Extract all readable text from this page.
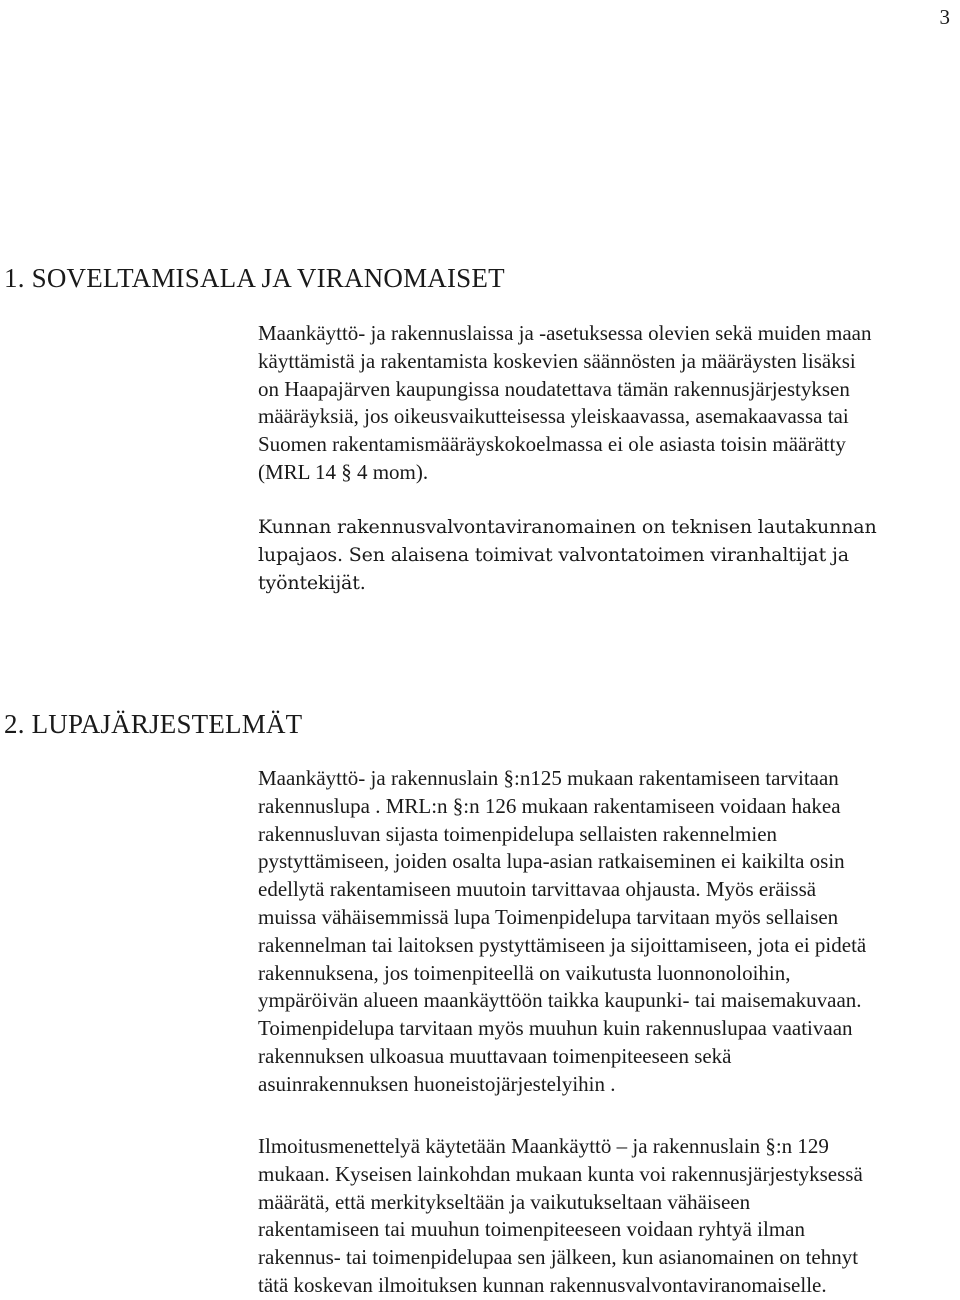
3
1. SOVELTAMISALA JA VIRANOMAISET

Maankäyttö- ja rakennuslaissa ja -asetuksessa olevien sekä muiden maan
käyttämistä ja rakentamista koskevien säännösten ja määräysten lisäksi
on Haapajärven kaupungissa noudatettava tämän rakennusjärjestyksen
määräyksiä, jos oikeusvaikutteisessa yleiskaavassa, asemakaavassa tai
Suomen rakentamismääräyskokoelmassa ei ole asiasta toisin määrätty
(MRL 14 § 4 mom).

Kunnan rakennusvalvontaviranomainen on teknisen lautakunnan
lupajaos. Sen alaisena toimivat valvontatoimen viranhaltijat ja
työntekijät.

2. LUPAJÄRJESTELMÄT

Maankäyttö- ja rakennuslain §:n125 mukaan rakentamiseen tarvitaan
rakennuslupa . MRL:n §:n 126 mukaan rakentamiseen voidaan hakea
rakennusluvan sijasta toimenpidelupa sellaisten rakennelmien
pystyttämiseen, joiden osalta lupa-asian ratkaiseminen ei kaikilta osin
edellytä rakentamiseen muutoin tarvittavaa ohjausta. Myös eräissä
muissa vähäisemmissä lupa Toimenpidelupa tarvitaan myös sellaisen
rakennelman tai laitoksen pystyttämiseen ja sijoittamiseen, jota ei pidetä
rakennuksena, jos toimenpiteellä on vaikutusta luonnonoloihin,
ympäröivän alueen maankäyttöön taikka kaupunki- tai maisemakuvaan.
Toimenpidelupa tarvitaan myös muuhun kuin rakennuslupaa vaativaan
rakennuksen ulkoasua muuttavaan toimenpiteeseen sekä
asuinrakennuksen huoneistojärjestelyihin .

Ilmoitusmenettelyä käytetään Maankäyttö – ja rakennuslain §:n 129
mukaan. Kyseisen lainkohdan mukaan kunta voi rakennusjärjestyksessä
määrätä, että merkitykseltään ja vaikutukseltaan vähäiseen
rakentamiseen tai muuhun toimenpiteeseen voidaan ryhtyä ilman
rakennus- tai toimenpidelupaa sen jälkeen, kun asianomainen on tehnyt
tätä koskevan ilmoituksen kunnan rakennusvalvontaviranomaiselle.
